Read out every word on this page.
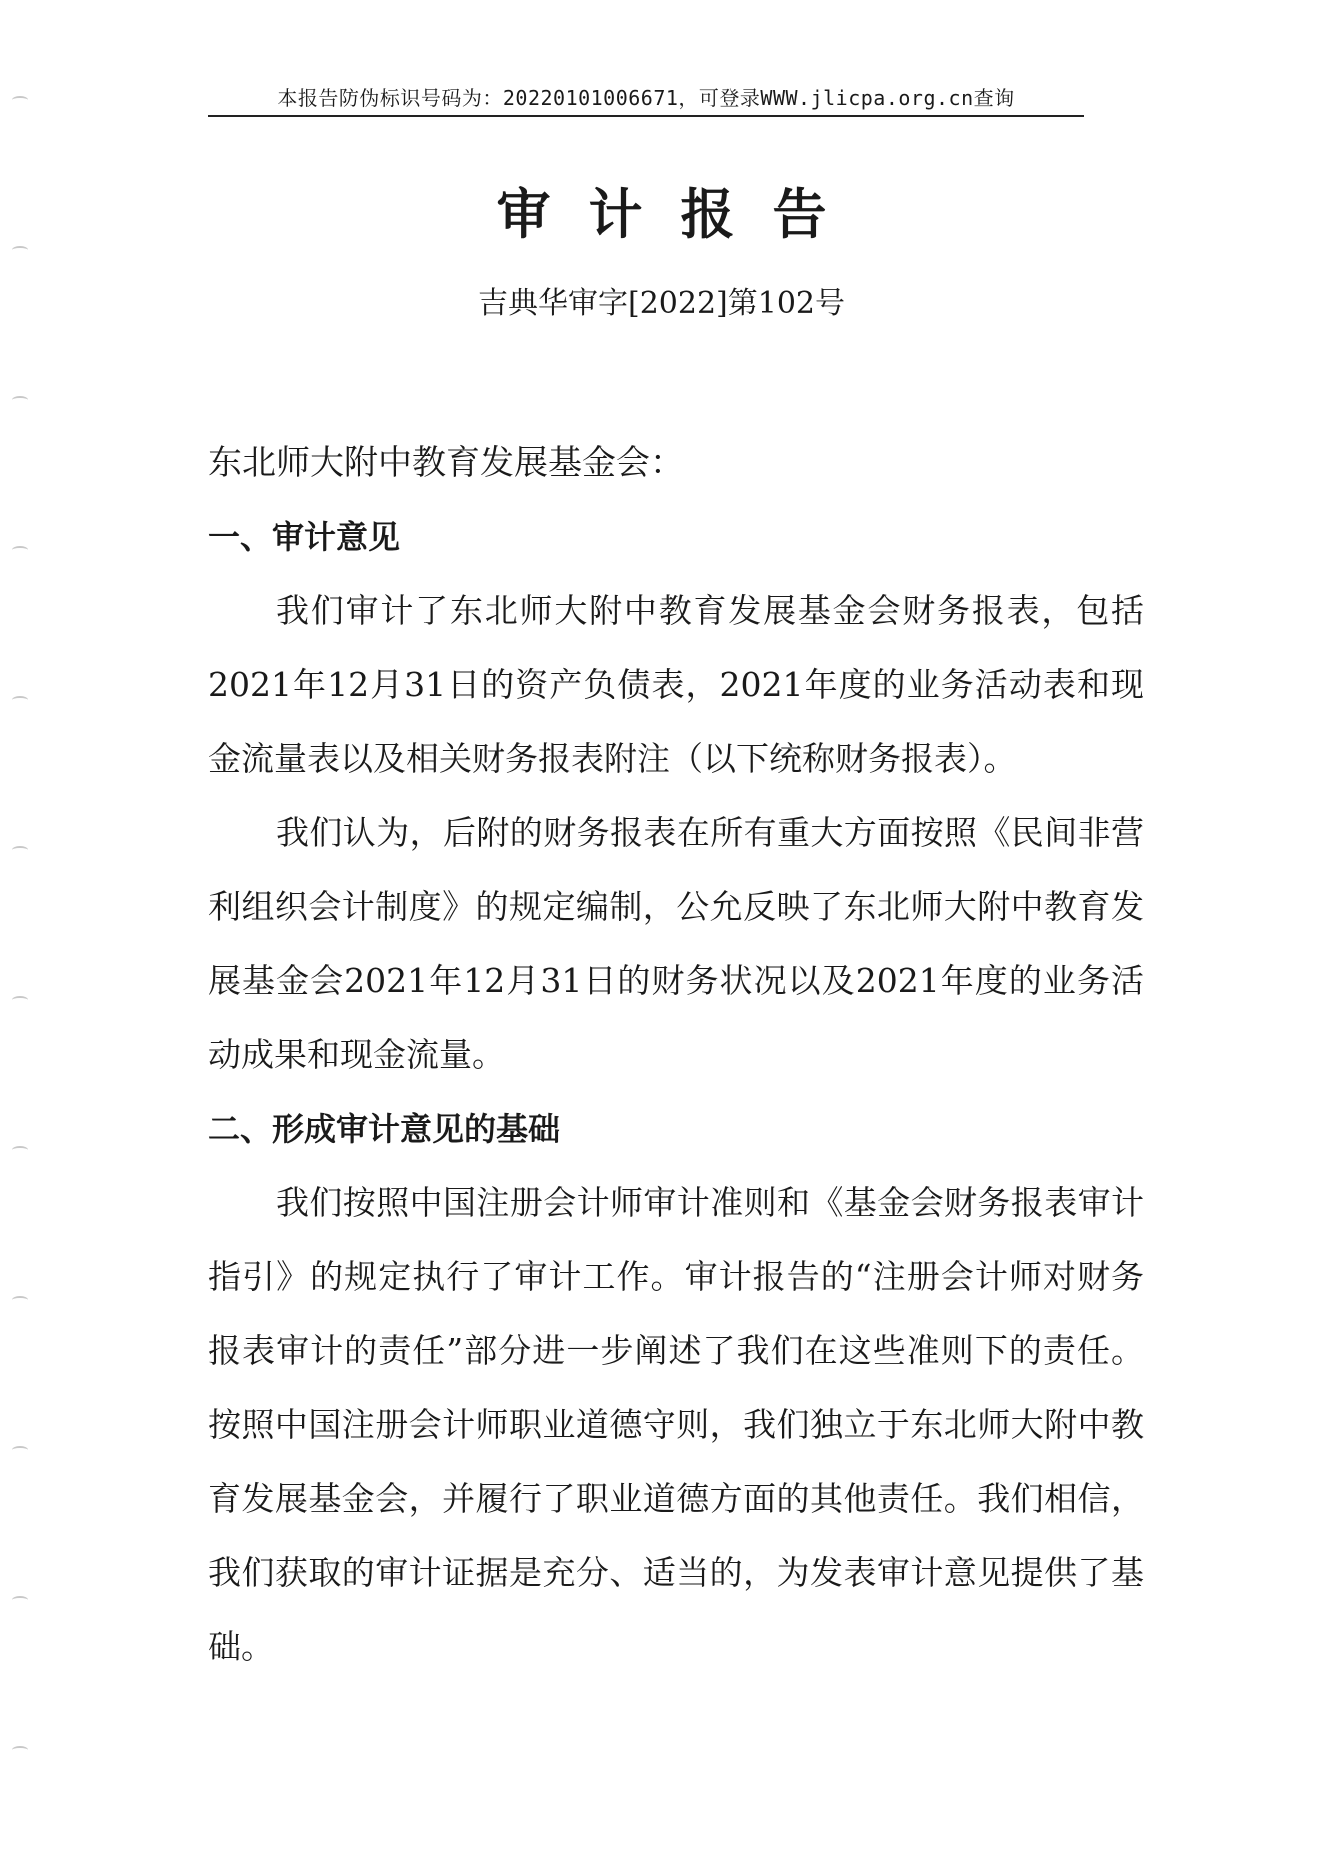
本报告防伪标识号码为：20220101006671，可登录WWW.jlicpa.org.cn查询
审计报告
吉典华审字[2022]第102号

东北师大附中教育发展基金会：

一、审计意见

我们审计了东北师大附中教育发展基金会财务报表，包括2021年12月31日的资产负债表，2021年度的业务活动表和现金流量表以及相关财务报表附注（以下统称财务报表）。

我们认为，后附的财务报表在所有重大方面按照《民间非营利组织会计制度》的规定编制，公允反映了东北师大附中教育发展基金会2021年12月31日的财务状况以及2021年度的业务活动成果和现金流量。

二、形成审计意见的基础

我们按照中国注册会计师审计准则和《基金会财务报表审计指引》的规定执行了审计工作。审计报告的“注册会计师对财务报表审计的责任”部分进一步阐述了我们在这些准则下的责任。按照中国注册会计师职业道德守则，我们独立于东北师大附中教育发展基金会，并履行了职业道德方面的其他责任。我们相信，我们获取的审计证据是充分、适当的，为发表审计意见提供了基础。
